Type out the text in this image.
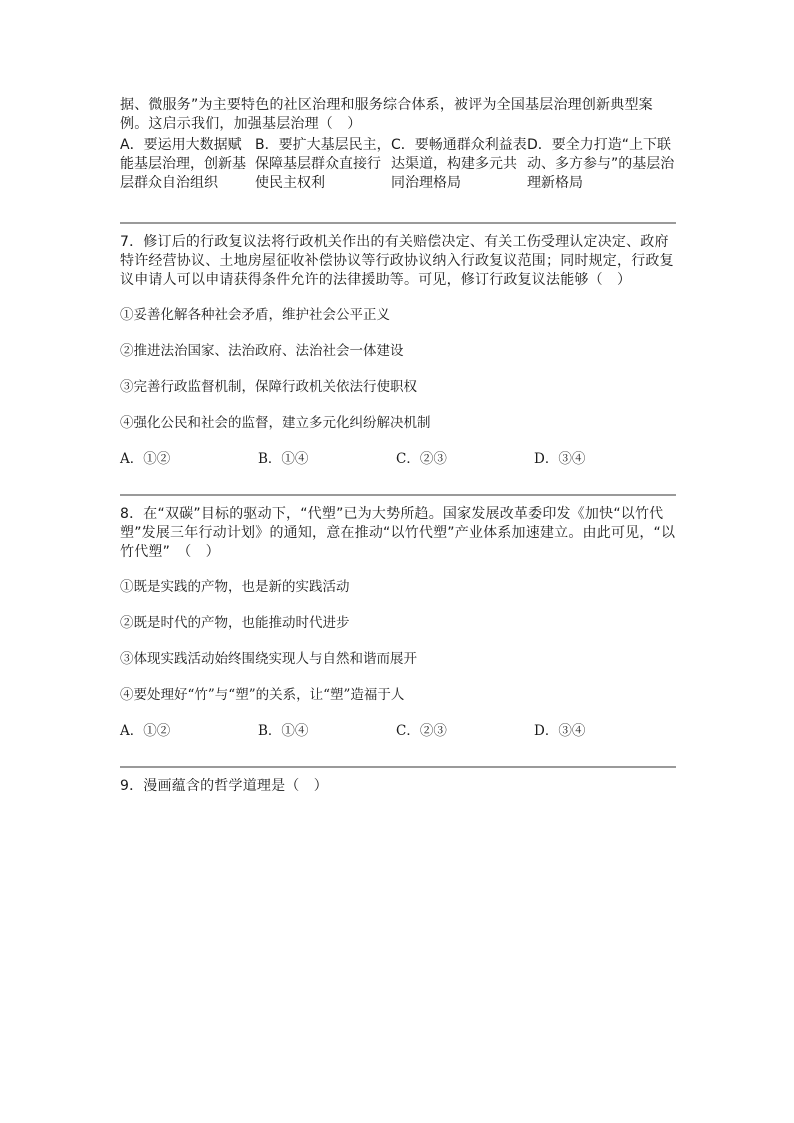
据、微服务”为主要特色的社区治理和服务综合体系，被评为全国基层治理创新典型案例。这启示我们，加强基层治理（　）
A．要运用大数据赋能基层治理，创新基层群众自治组织
B．要扩大基层民主，保障基层群众直接行使民主权利
C．要畅通群众利益表达渠道，构建多元共同治理格局
D．要全力打造“上下联动、多方参与”的基层治理新格局
7．修订后的行政复议法将行政机关作出的有关赔偿决定、有关工伤受理认定决定、政府特许经营协议、土地房屋征收补偿协议等行政协议纳入行政复议范围；同时规定，行政复议申请人可以申请获得条件允许的法律援助等。可见，修订行政复议法能够（　）
①妥善化解各种社会矛盾，维护社会公平正义
②推进法治国家、法治政府、法治社会一体建设
③完善行政监督机制，保障行政机关依法行使职权
④强化公民和社会的监督，建立多元化纠纷解决机制
A．①②	B．①④	C．②③	D．③④
8．在“双碳”目标的驱动下，“代塑”已为大势所趋。国家发展改革委印发《加快“以竹代塑”发展三年行动计划》的通知，意在推动“以竹代塑”产业体系加速建立。由此可见，“以竹代塑”　（　）
①既是实践的产物，也是新的实践活动
②既是时代的产物，也能推动时代进步
③体现实践活动始终围绕实现人与自然和谐而展开
④要处理好“竹”与“塑”的关系，让“塑”造福于人
A．①②	B．①④	C．②③	D．③④
9．漫画蕴含的哲学道理是（　）
